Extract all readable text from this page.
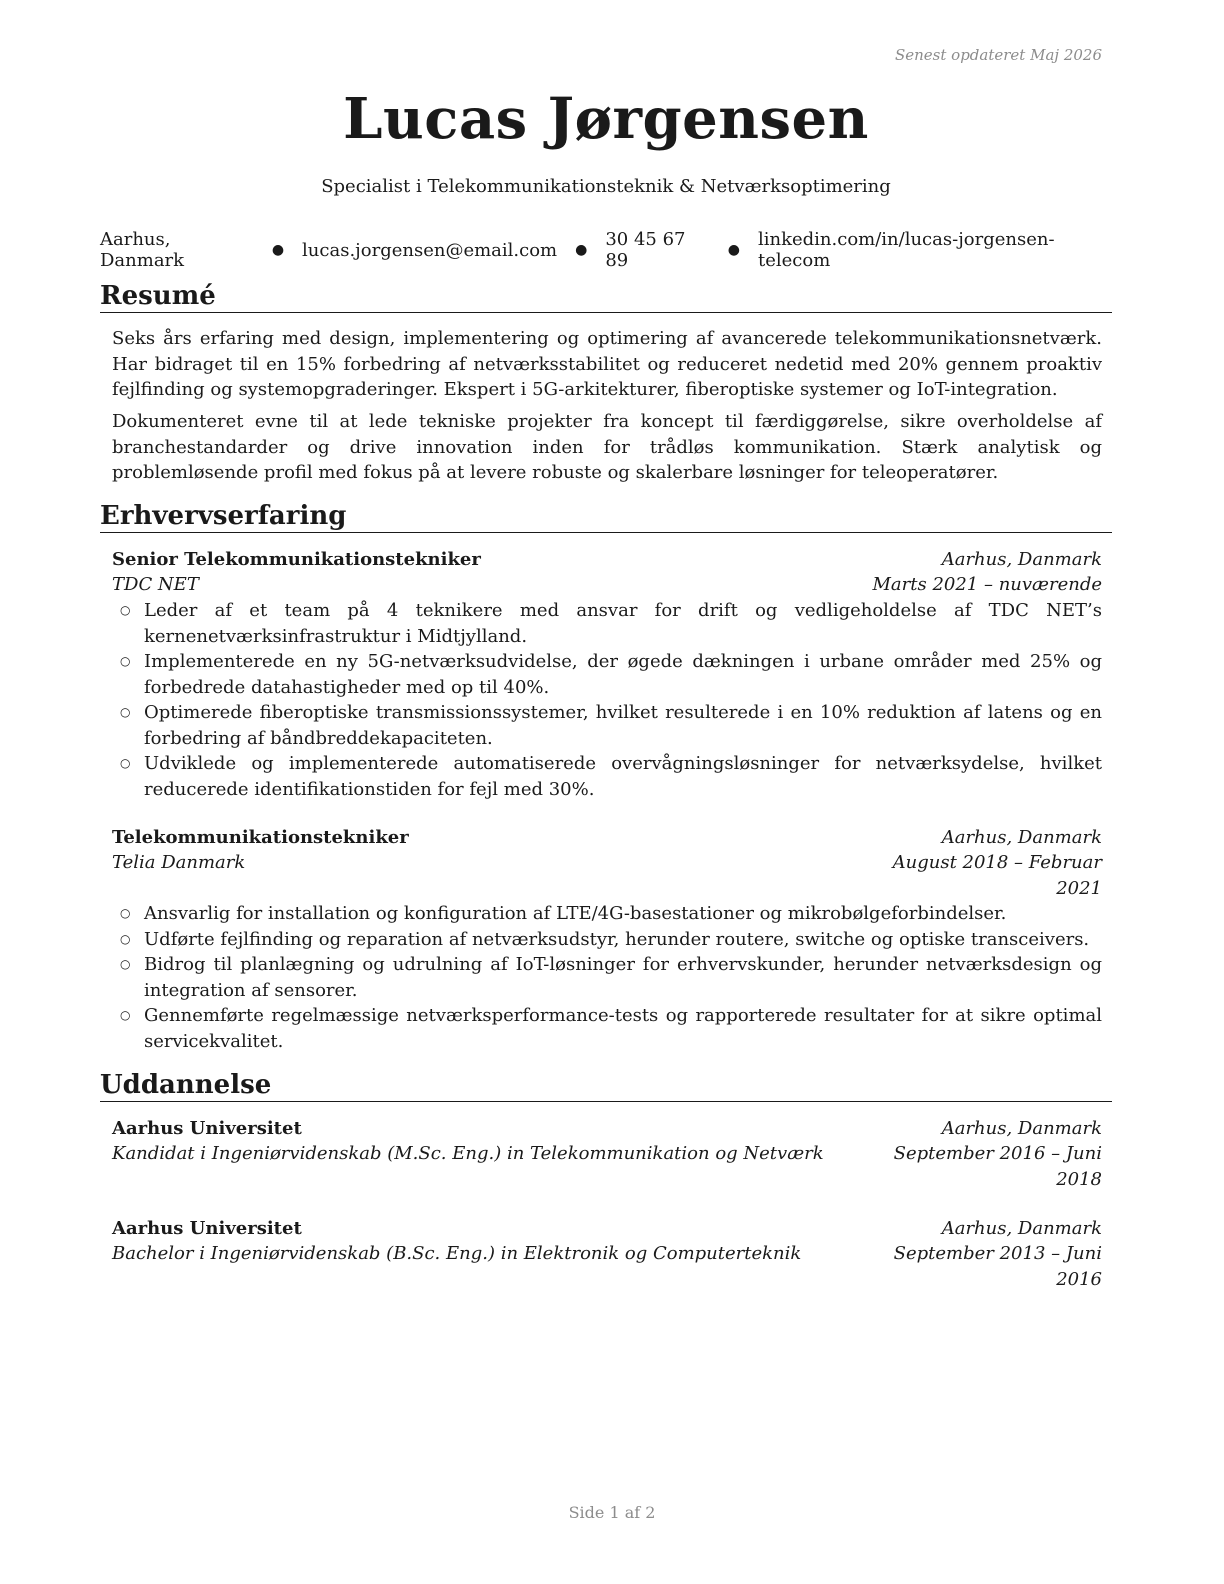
Senest opdateret Maj 2026
Lucas Jørgensen
Specialist i Telekommunikationsteknik & Netværksoptimering
Aarhus, Danmark	● lucas.jorgensen@email.com ● 30 45 67 89	● linkedin.com/in/lucas-jorgensen-telecom
Resumé
Seks års erfaring med design, implementering og optimering af avancerede telekommunikationsnetværk. Har bidraget til en 15% forbedring af netværksstabilitet og reduceret nedetid med 20% gennem proaktiv fejlfinding og systemopgraderinger. Ekspert i 5G-arkitekturer, fiberoptiske systemer og IoT-integration.
Dokumenteret evne til at lede tekniske projekter fra koncept til færdiggørelse, sikre overholdelse af branchestandarder og drive innovation inden for trådløs kommunikation. Stærk analytisk og problemløsende profil med fokus på at levere robuste og skalerbare løsninger for teleoperatører.
Erhvervserfaring
Senior Telekommunikationstekniker	Aarhus, Danmark
TDC NET	Marts 2021 – nuværende
○ Leder af et team på 4 teknikere med ansvar for drift og vedligeholdelse af TDC NET’s kernenetværksinfrastruktur i Midtjylland.
○ Implementerede en ny 5G-netværksudvidelse, der øgede dækningen i urbane områder med 25% og forbedrede datahastigheder med op til 40%.
○ Optimerede fiberoptiske transmissionssystemer, hvilket resulterede i en 10% reduktion af latens og en forbedring af båndbreddekapaciteten.
○ Udviklede og implementerede automatiserede overvågningsløsninger for netværksydelse, hvilket reducerede identifikationstiden for fejl med 30%.
Telekommunikationstekniker	Aarhus, Danmark
Telia Danmark	August 2018 – Februar 2021
○ Ansvarlig for installation og konfiguration af LTE/4G-basestationer og mikrobølgeforbindelser.
○ Udførte fejlfinding og reparation af netværksudstyr, herunder routere, switche og optiske transceivers.
○ Bidrog til planlægning og udrulning af IoT-løsninger for erhvervskunder, herunder netværksdesign og integration af sensorer.
○ Gennemførte regelmæssige netværksperformance-tests og rapporterede resultater for at sikre optimal servicekvalitet.
Uddannelse
Aarhus Universitet	Aarhus, Danmark
Kandidat i Ingeniørvidenskab (M.Sc. Eng.) in Telekommunikation og Netværk	September 2016 – Juni 2018
Aarhus Universitet	Aarhus, Danmark
Bachelor i Ingeniørvidenskab (B.Sc. Eng.) in Elektronik og Computerteknik	September 2013 – Juni 2016
Side 1 af 2
